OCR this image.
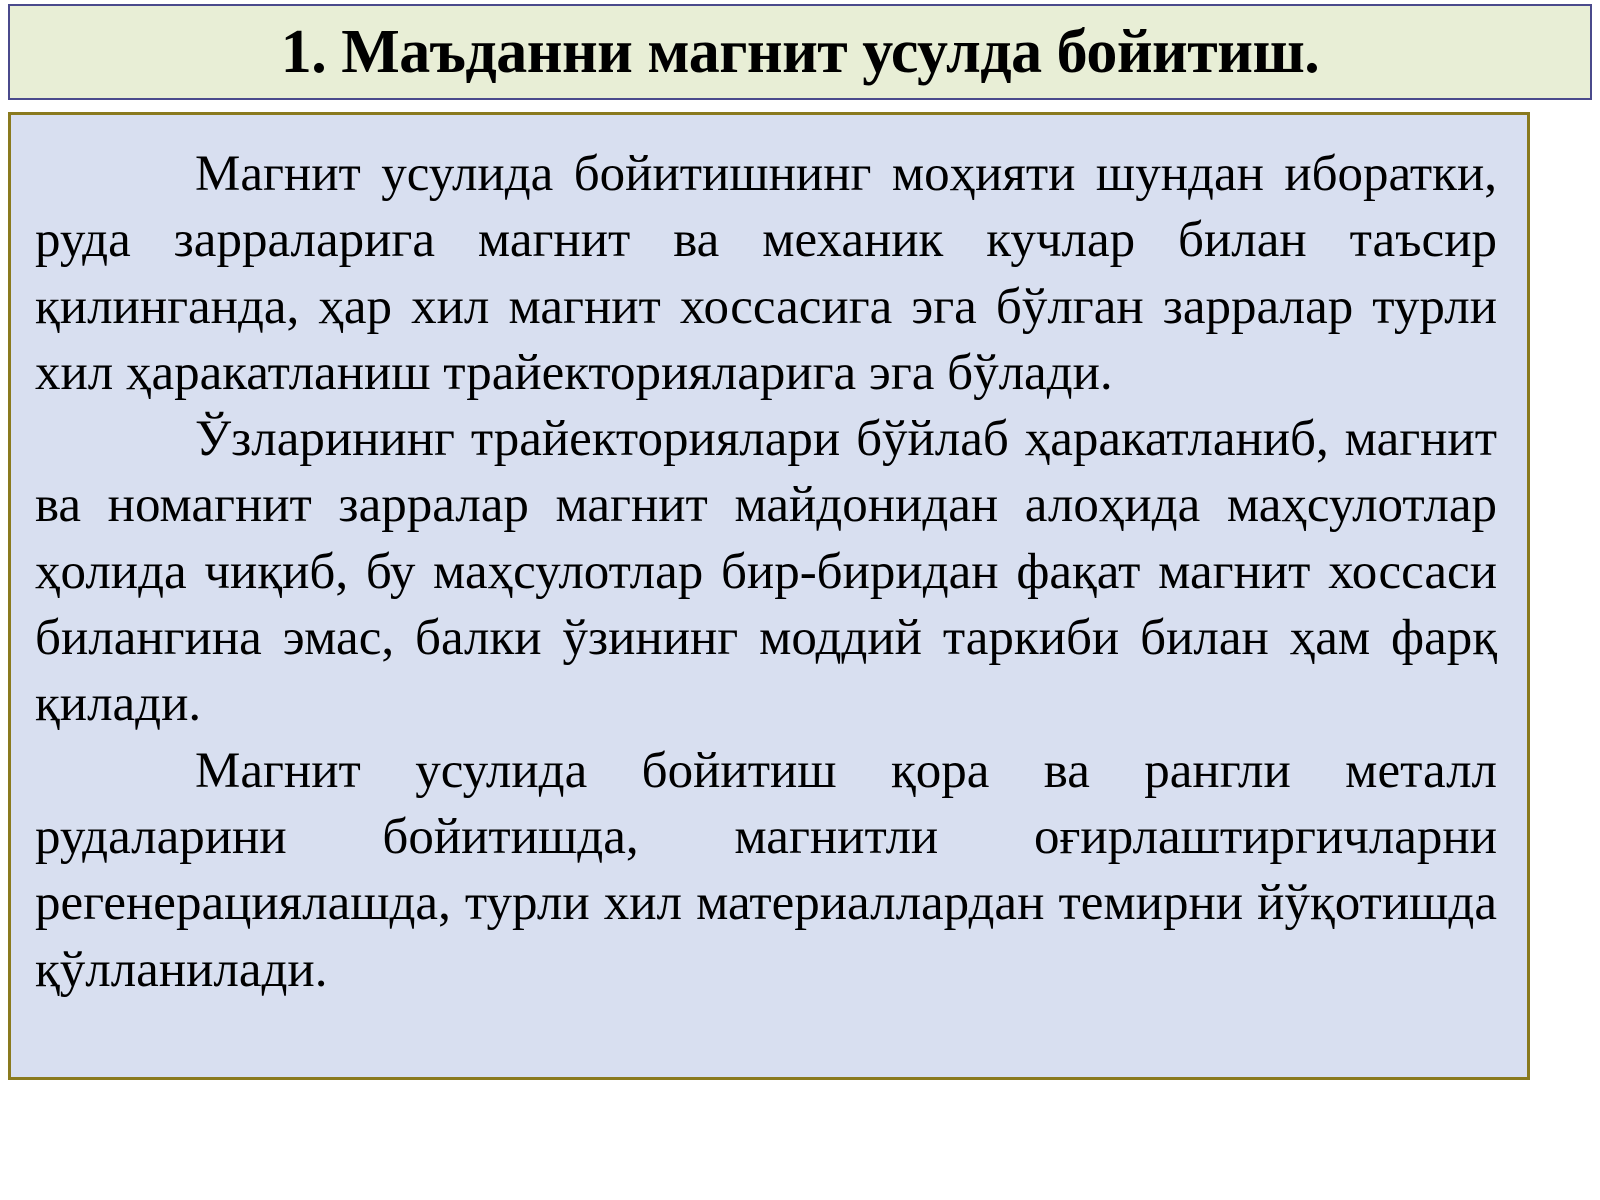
1. Маъданни магнит усулда бойитиш.

Магнит усулида бойитишнинг моҳияти шундан иборатки, руда зарраларига магнит ва механик кучлар билан таъсир қилинганда, ҳар хил магнит хоссасига эга бўлган зарралар турли хил ҳаракатланиш трайекторияларига эга бўлади.

Ўзларининг трайекториялари бўйлаб ҳаракатланиб, магнит ва номагнит зарралар магнит майдонидан алоҳида маҳсулотлар ҳолида чиқиб, бу маҳсулотлар бир-биридан фақат магнит хоссаси билангина эмас, балки ўзининг моддий таркиби билан ҳам фарқ қилади.

Магнит усулида бойитиш қора ва рангли металл рудаларини бойитишда, магнитли оғирлаштиргичларни регенерациялашда, турли хил материаллардан темирни йўқотишда қўлланилади.
